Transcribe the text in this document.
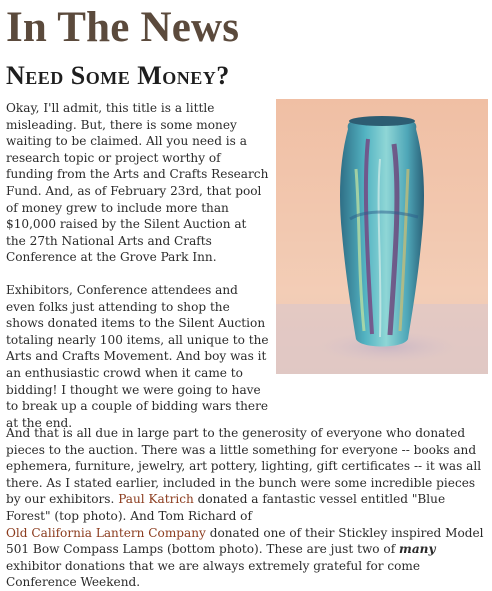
In The News
Need Some Money?

Okay, I'll admit, this title is a little misleading. But, there is some money waiting to be claimed. All you need is a research topic or project worthy of funding from the Arts and Crafts Research Fund. And, as of February 23rd, that pool of money grew to include more than $10,000 raised by the Silent Auction at the 27th National Arts and Crafts Conference at the Grove Park Inn.

Exhibitors, Conference attendees and even folks just attending to shop the shows donated items to the Silent Auction totaling nearly 100 items, all unique to the Arts and Crafts Movement. And boy was it an enthusiastic crowd when it came to bidding! I thought we were going to have to break up a couple of bidding wars there at the end.

And that is all due in large part to the generosity of everyone who donated pieces to the auction. There was a little something for everyone -- books and ephemera, furniture, jewelry, art pottery, lighting, gift certificates -- it was all there. As I stated earlier, included in the bunch were some incredible pieces by our exhibitors. Paul Katrich donated a fantastic vessel entitled "Blue Forest" (top photo). And Tom Richard of
Old California Lantern Company donated one of their Stickley inspired Model 501 Bow Compass Lamps (bottom photo). These are just two of many exhibitor donations that we are always extremely grateful for come Conference Weekend.
